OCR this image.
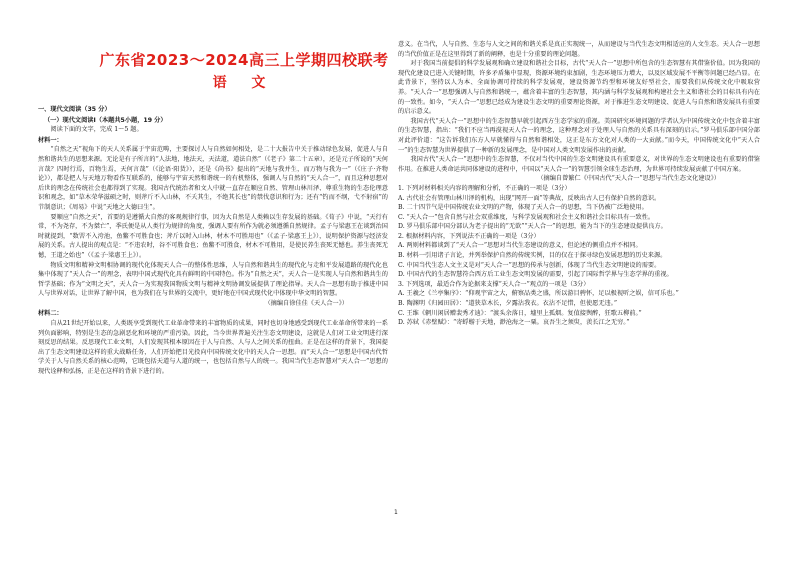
广东省2023～2024高三上学期四校联考
语 文
一、现代文阅读（35 分）
（一）现代文阅读Ⅰ（本题共5小题，19 分）
阅读下面的文字，完成 1～5 题。
材料一：
“自然之天”视角下的天人关系属于宇宙范畴，主要探讨人与自然如何相处，是二十大报告中关于推动绿色发展，促进人与自然和谐共生的思想来源。无论是有子所言的“人法地，地法天，天法道，道法自然”（《老子》第二十五章），还是元子所说的“天何言哉？四时行焉，百物生焉，天何言哉”（《论语·阳货》），还是《尚书》提出的“天地与我并生，而万物与我为一”（《庄子·齐物论》），都是把人与天地万物看作互联系的，能够与宇宙天然和谐统一的有机整体，强调人与自然的“天人合一”，而且这种思想对后世的理念在传统社会也都得到了实现。我国古代统治者和文人中就一直存在顺应自然、管理山林川泽、尊重生物的生态伦理意识和观念，如“草木荣华滋硕之时，则斧斤不入山林，不夭其生，不绝其长也”的禁伐意识和行为；还有“钓而不纲，弋不射宿”的节制意识；《周易》中说“天地之大德曰生”。
要顺应“自然之天”，首要的是遵循大自然的客观规律行事，因为大自然是人类赖以生存发展的基础。《荀子》中说，“天行有常，不为尧存，不为桀亡”，季氏便是从人类行为规律的角度，强调人要有所作为就必须遵循自然规律。孟子与梁惠王在谈到治国时就提到，“数罟不入洿池，鱼鳖不可胜食也；斧斤以时入山林，材木不可胜用也”（《孟子·梁惠王上》），说明保护资源与经济发展的关系。古人提出的观点是：“不违农时，谷不可胜食也；鱼鳖不可胜食，材木不可胜用，是使民养生丧死无憾也。养生丧死无憾，王道之始也”（《孟子·梁惠王上》）。
物质文明和精神文明相协调的现代化体现天人合一的整体性思维，人与自然和谐共生的现代化与走和平发展道路的现代化也集中体现了“天人合一”的理念，表明中国式现代化具有鲜明的中国特色。作为“自然之天”，天人合一是实现人与自然和谐共生的哲学基础；作为“文明之天”，天人合一为实现我国物质文明与精神文明协调发展提供了理论指导。天人合一思想有助于推进中国人与世界对话，让世界了解中国，也为我们在与世界的交流中，更好地在中国式现代化中体现中华文明的智慧。
（摘编自徐佳佳《天人合一》）
材料二：
自从21世纪开始以来，人类既享受到现代工业革命带来的丰富物质的成果，同时也切身地感受到现代工业革命所带来的一系列负面影响，特别是生态的急剧恶化和环境的严重污染。因此，当今世界普遍关注生态文明建设，这就是人们对工业文明进行深刻反思的结果。反思现代工业文明，人们发现其根本原因在于人与自然、人与人之间关系的扭曲。正是在这样的背景下，我国提出了生态文明建设这样的重大战略任务，人们开始把目光投向中国传统文化中的天人合一思想。而“天人合一”思想是中国古代哲学关于人与自然关系的核心范畴，它既包括天道与人道的统一，也包括自然与人的统一。我国当代生态智慧对“天人合一”思想的现代诠释和弘扬，正是在这样的背景下进行的。
意义。在当代，人与自然、生态与人文之间的和谐关系是真正实现统一，从而建设与当代生态文明相适应的人文生态。天人合一思想的当代价值正是在这里得到了新的阐释，也是十分重要的理论问题。
对于我国当前提倡的科学发展观和确立建设和谐社会目标，古代“天人合一”思想中所包含的生态智慧有其借鉴价值。因为我国的现代化建设已进入关键时期，许多矛盾集中显现，资源环境约束加剧，生态环境压力增大，以及区域发展不平衡等问题已经凸显。在此背景下，坚持以人为本、全面协调可持续的科学发展观，建设资源节约型和环境友好型社会，需要我们从传统文化中吸取营养。“天人合一”思想强调人与自然和谐统一，蕴含着丰富的生态智慧，其内涵与科学发展观和构建社会主义和谐社会的目标具有内在的一致性。如今，“天人合一”思想已经成为建设生态文明的重要理论资源，对于推进生态文明建设、促进人与自然和谐发展具有重要的启示意义。
我国古代“天人合一”思想中的生态智慧早就引起西方生态学家的重视。美国研究环境问题的学者认为中国传统文化中包含着丰富的生态智慧，指出：“我们不应当再漠视天人合一的理念，这种理念对于处理人与自然的关系具有深刻的启示。”罗马俱乐部中国分部对此评价道：“这告诉我们东方人早就懂得与自然和谐相处，这正是东方文化对人类的一大贡献。”而今天，中国传统文化中“天人合一”的生态智慧为世界提供了一种新的发展理念，是中国对人类文明发展作出的贡献。
我国古代“天人合一”思想中的生态智慧，不仅对当代中国的生态文明建设具有重要意义，对世界的生态文明建设也有重要的借鉴作用。在推进人类命运共同体建设的进程中，中国以“天人合一”的智慧引领全球生态治理，为世界可持续发展贡献了中国方案。
（摘编自曾繁仁《中国古代“天人合一”思想与当代生态文化建设》）
1. 下列对材料相关内容的理解和分析，不正确的一项是（3分）
A. 古代社会有管理山林川泽的机构，出现“网开一面”等典故，反映出古人已有保护自然的意识。
B. 二十四节气是中国传统农业文明的产物，体现了天人合一的思想，当下仍被广泛地使用。
C. “天人合一”包含自然与社会双重维度，与科学发展观和社会主义和谐社会目标具有一致性。
D. 罗马俱乐部中国分部认为老子提出的“无欲”“天人合一”的思想，能为当下的生态建设提供良方。
2. 根据材料内容，下列说法不正确的一项是（3分）
A. 两则材料都谈到了“天人合一”思想对当代生态建设的意义，但论述的侧重点并不相同。
B. 材料一引用诸子言论，并列举保护自然的传统实例，目的仅在于探寻绿色发展思想的历史来源。
C. 中国当代生态人文主义是对“天人合一”思想的传承与创新，体现了当代生态文明建设的需要。
D. 中国古代的生态智慧符合西方后工业生态文明发展的需要，引起了国际哲学界与生态学界的重视。
3. 下列选项，最适合作为论据来支撑“天人合一”观点的一项是（3分）
A. 王羲之《兰亭集序》：“仰观宇宙之大，俯察品类之盛，所以游目骋怀，足以极视听之娱，信可乐也。”
B. 陶渊明《归园田居》：“道狭草木长，夕露沾我衣。衣沾不足惜，但使愿无违。”
C. 王维《辋川闲居赠裴秀才迪》：“渡头余落日，墟里上孤烟。复值接舆醉，狂歌五柳前。”
D. 苏轼《赤壁赋》：“寄蜉蝣于天地，渺沧海之一粟。哀吾生之须臾，羡长江之无穷。”
1
